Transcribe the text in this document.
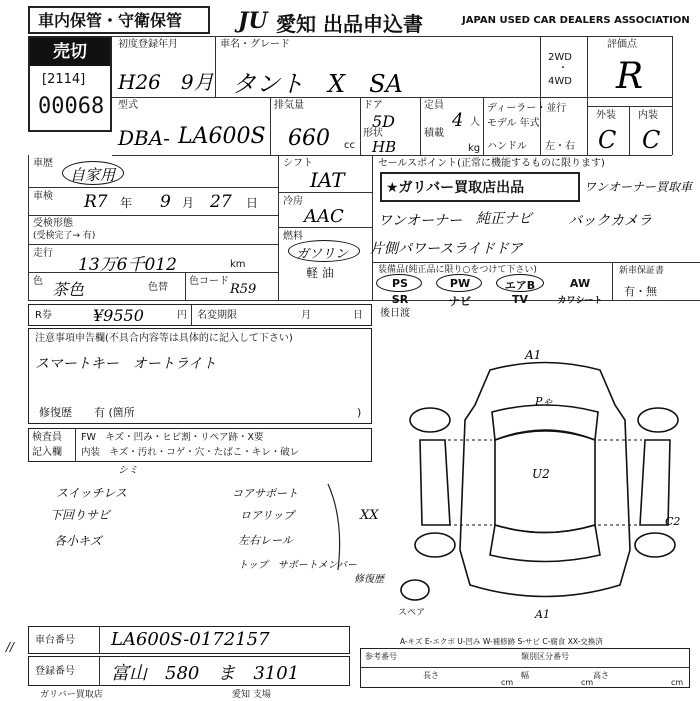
車内保管・守衛保管	JU 愛知 出品申込書	JAPAN USED CAR DEALERS ASSOCIATION
売切
[2114]
00068
初度登録年月	車名・グレード
2WD
・
4WD
評価点
H26　9月 タント　X　SA	R
型式
DBA- LA600S
排気量
660 cc
ドア
5D
形状
HB
定員
4 人
積載
kg
ディーラー・並行
モデル 年式
ハンドル 左・右
外装 内装
C C
車歴
自家用
車検 R7 年 9 月 27 日
受検形態
(受検完了→ 有)
走行
13万6千012	km
色 茶色	色替
色コード
R59
シフト
IAT
冷房
AAC
燃料
ガソリン
軽 油
セールスポイント(正常に機能するものに限ります)
★ガリバー買取店出品	ワンオーナー買取車
ワンオーナー 純正ナビ	バックカメラ
片側パワースライドドア
装備品(純正品に限り○をつけて下さい)
PS	PW	エアB	AW
SR	ナビ	TV	カワシート
新車保証書
有・無
R券	¥9550	円 名変期限	月	日 後日渡
注意事項申告欄(不具合内容等は具体的に記入して下さい)
スマートキー　オートライト
修復歴　　有 (箇所	)
検査員
記入欄
FW　キズ・凹み・ヒビ割・リペア跡・X要
内装　キズ・汚れ・コゲ・穴・たばこ・キレ・破レ
シミ
スイッチレス
下回りサビ
各小キズ
コアサポート
ロアリップ
左右レール
トップ　サポートメンバー
XX
修復歴
A1
Pゃ
U2
C2
A1
スペア
A-キズ E-エクボ U-凹み W-補修跡 S-サビ C-腐食 XX-交換済
// 車台番号 LA600S-0172157
登録番号 富山　580　ま　3101
ガリバー買取店	愛知 支場
参考番号	類別区分番号
長さ
cm
幅
cm
高さ
cm
